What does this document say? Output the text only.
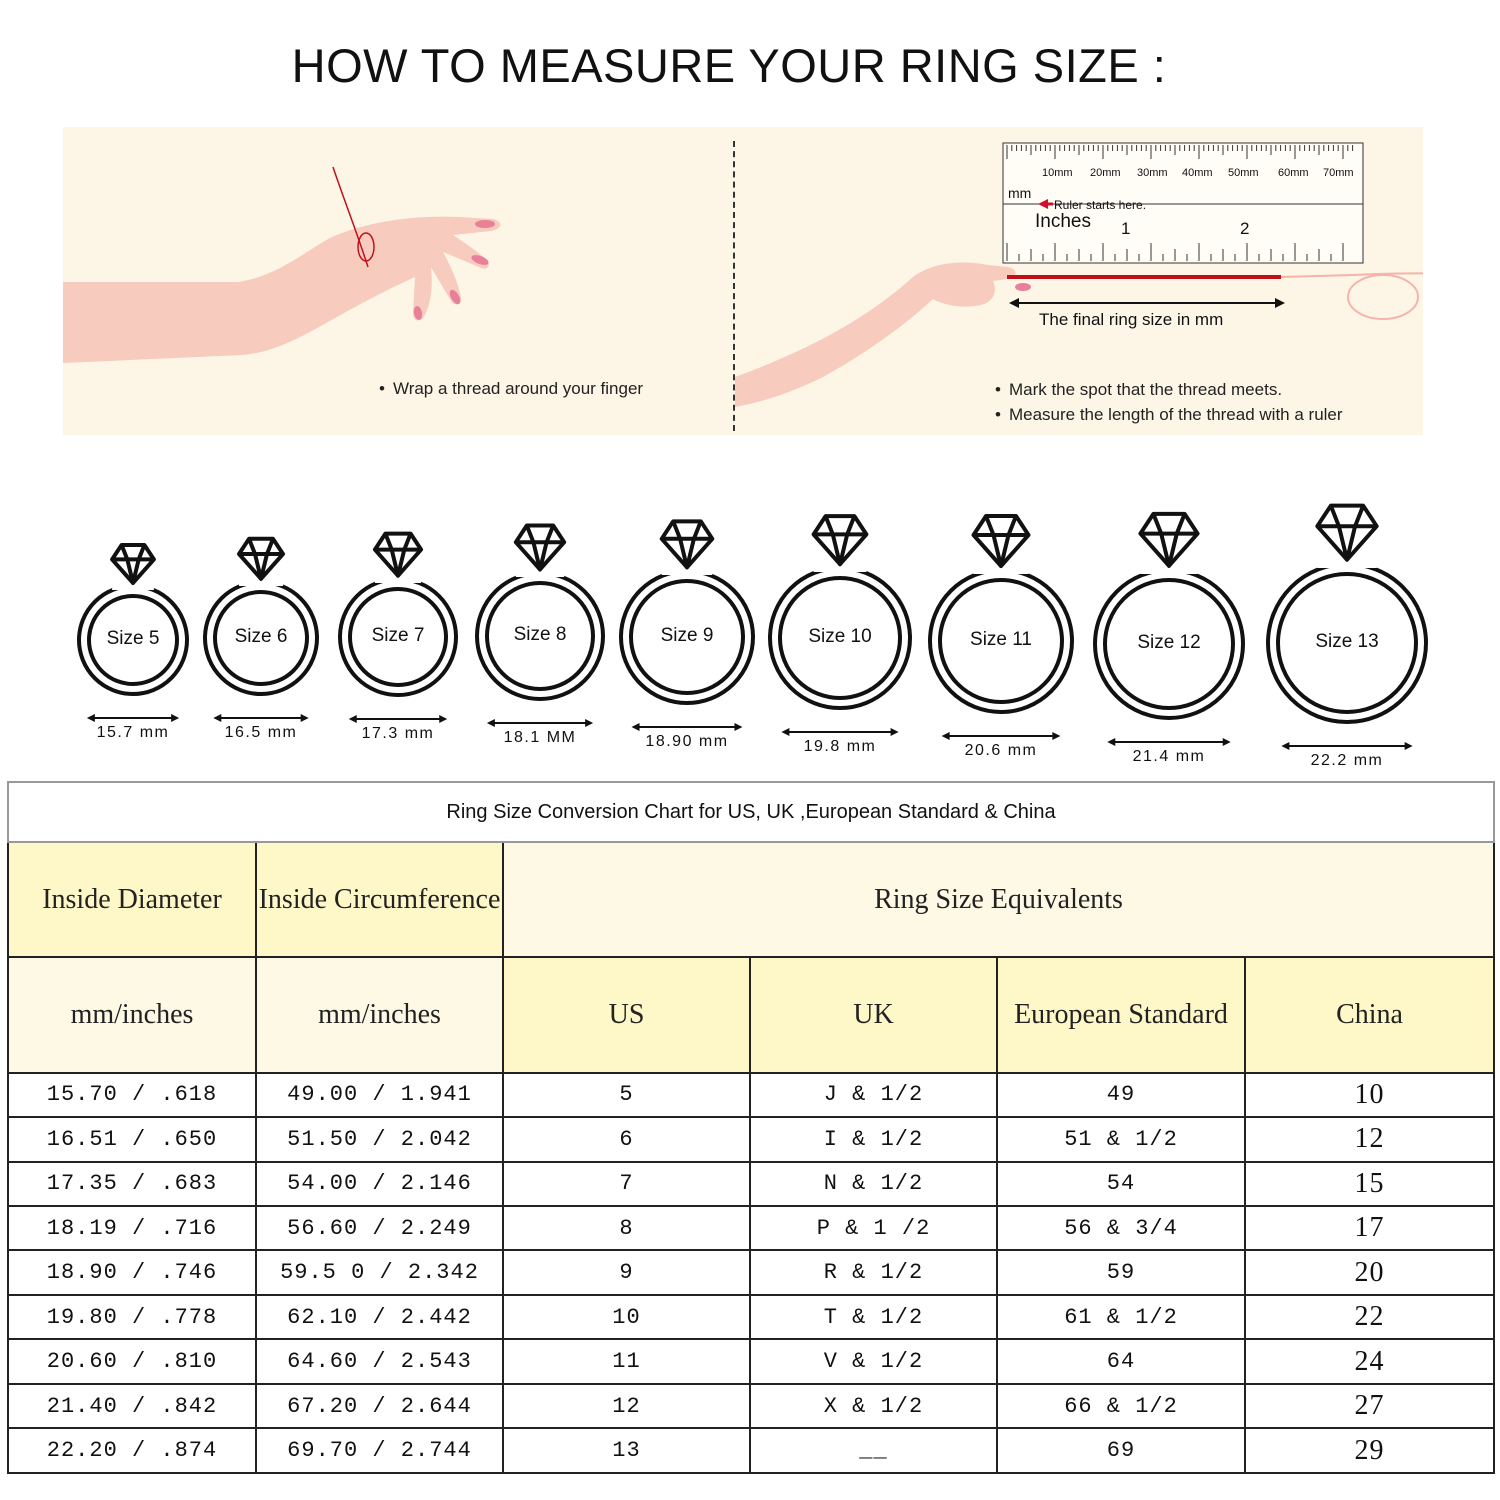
HOW TO MEASURE YOUR RING SIZE :
10mm 20mm 30mm 40mm 50mm 60mm 70mm
mm
Ruler starts here.
Inches 1	2
The final ring size in mm
• Wrap a thread around your finger	• Mark the spot that the thread meets.
• Measure the length of the thread with a ruler
Size 5
15.7 mm
Size 6
16.5 mm
Size 7
17.3 mm
Size 8
18.1 MM
Size 9
18.90 mm
Size 10
19.8 mm
Size 11
20.6 mm
Size 12
21.4 mm
Size 13
22.2 mm
Ring Size Conversion Chart for US, UK ,European Standard & China					
Inside Diameter	Inside Circumference	Ring Size Equivalents			
mm/inches	mm/inches	US	UK	European Standard	China
15.70 / .618	49.00 / 1.941	5	J & 1/2	49	10
16.51 / .650	51.50 / 2.042	6	I & 1/2	51 & 1/2	12
17.35 / .683	54.00 / 2.146	7	N & 1/2	54	15
18.19 / .716	56.60 / 2.249	8	P & 1 /2	56 & 3/4	17
18.90 / .746	59.5 0 / 2.342	9	R & 1/2	59	20
19.80 / .778	62.10 / 2.442	10	T & 1/2	61 & 1/2	22
20.60 / .810	64.60 / 2.543	11	V & 1/2	64	24
21.40 / .842	67.20 / 2.644	12	X & 1/2	66 & 1/2	27
22.20 / .874	69.70 / 2.744	13	__	69	29
